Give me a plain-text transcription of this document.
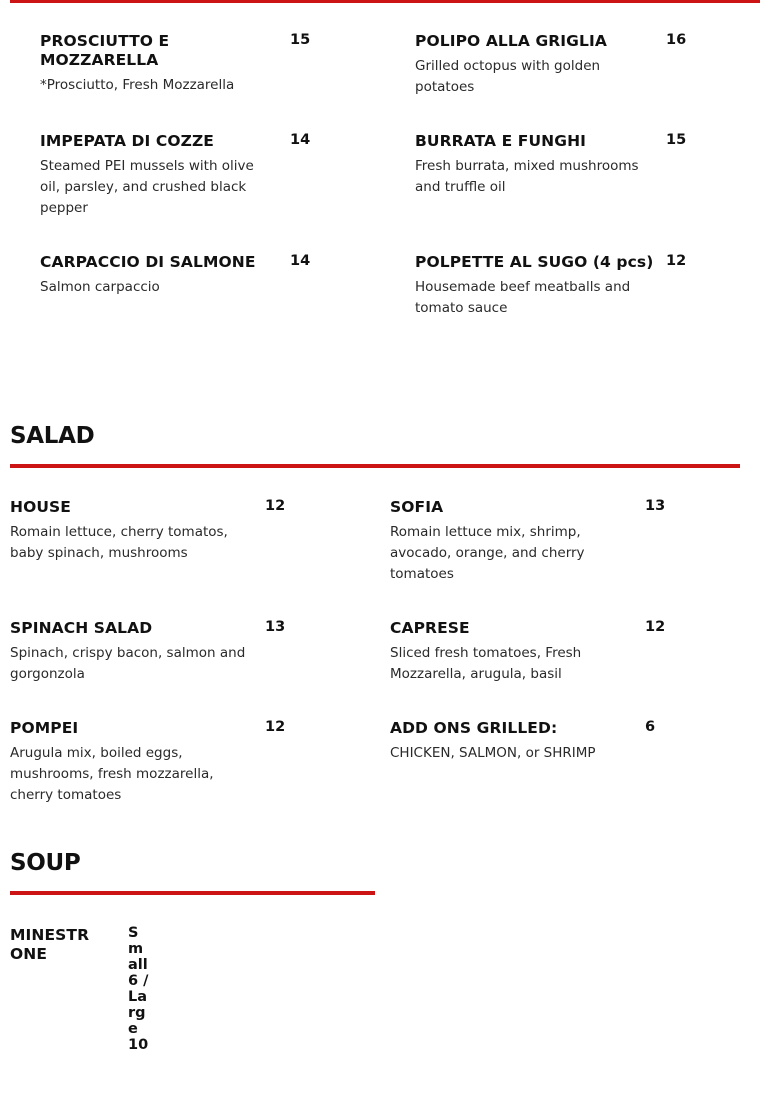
PROSCIUTTO E MOZZARELLA
15
*Prosciutto, Fresh Mozzarella
POLIPO ALLA GRIGLIA	16
Grilled octopus with golden potatoes
IMPEPATA DI COZZE	14
Steamed PEI mussels with olive oil, parsley, and crushed black pepper
BURRATA E FUNGHI	15
Fresh burrata, mixed mushrooms and truffle oil
CARPACCIO DI SALMONE	14
Salmon carpaccio
POLPETTE AL SUGO (4 pcs) 12
Housemade beef meatballs and tomato sauce
SALAD
HOUSE	12
Romain lettuce, cherry tomatos, baby spinach, mushrooms
SOFIA	13
Romain lettuce mix, shrimp, avocado, orange, and cherry tomatoes
SPINACH SALAD	13
Spinach, crispy bacon, salmon and gorgonzola
CAPRESE	12
Sliced fresh tomatoes, Fresh Mozzarella, arugula, basil
POMPEI	12
Arugula mix, boiled eggs, mushrooms, fresh mozzarella, cherry tomatoes
ADD ONS GRILLED:	6
CHICKEN, SALMON, or SHRIMP
SOUP
MINESTRONE
Small 6 / Large 10
